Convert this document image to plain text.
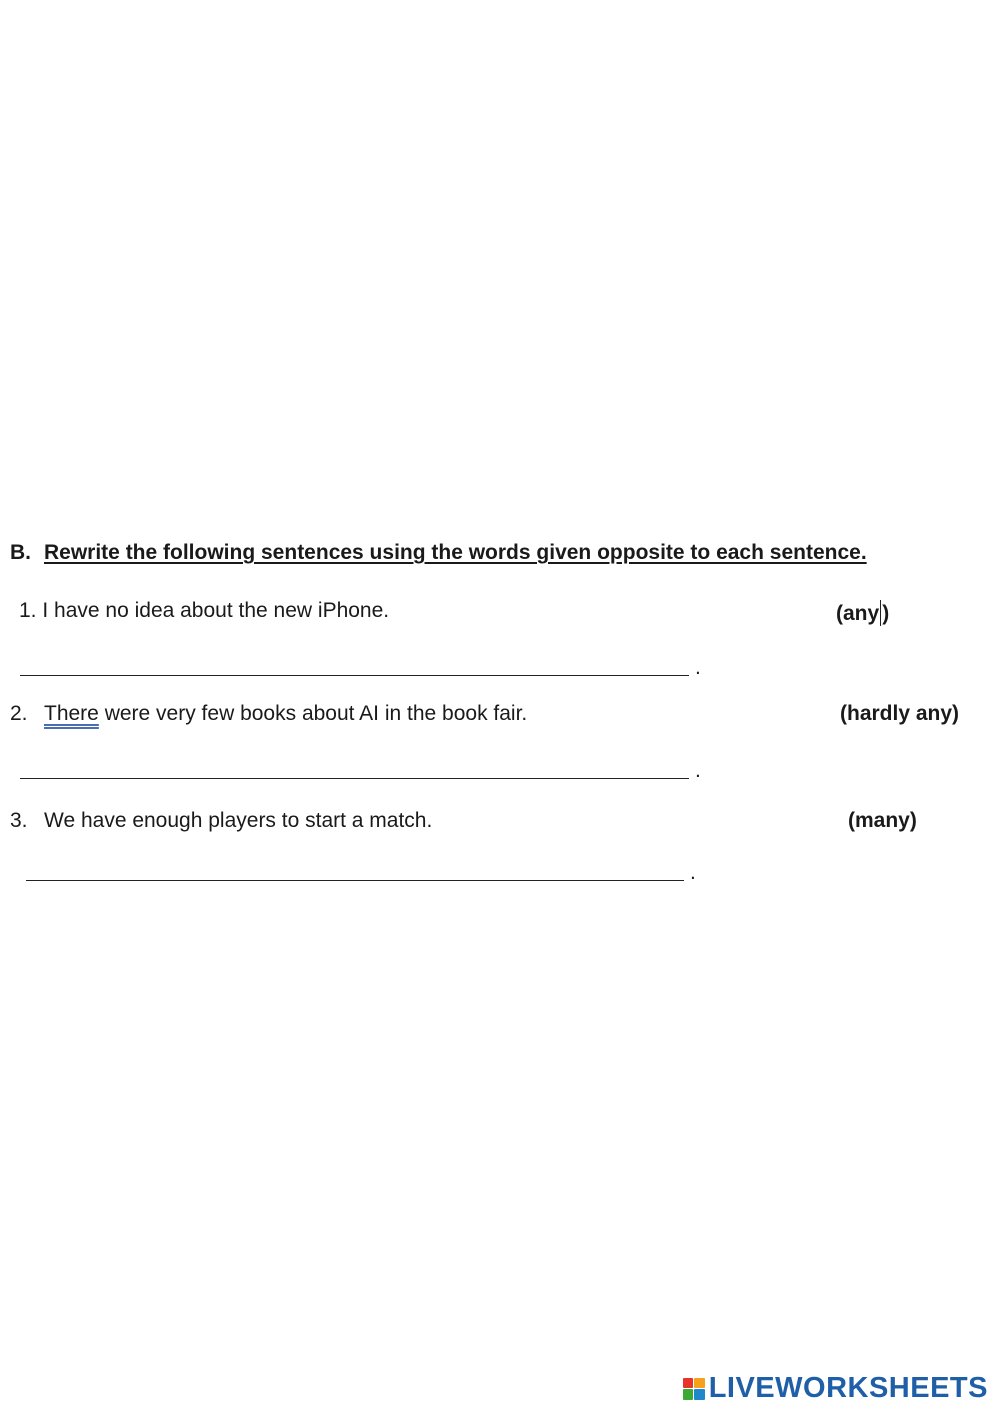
B. Rewrite the following sentences using the words given opposite to each sentence.
1. I have no idea about the new iPhone.	(any )
.
2. There were very few books about AI in the book fair.	(hardly any)
.
3. We have enough players to start a match.	(many)
.
LIVEWORKSHEETS
